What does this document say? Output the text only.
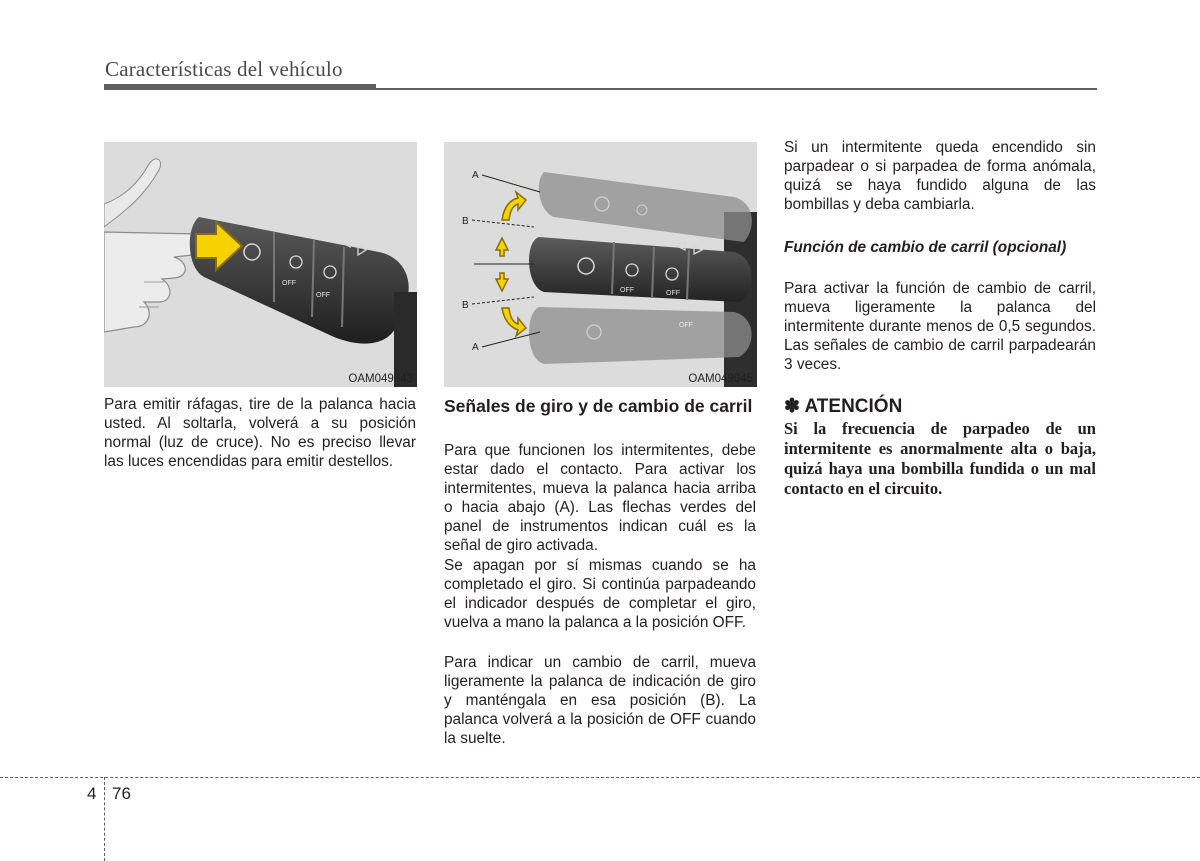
Características del vehículo
OFF
OFF
OAM049043
OFF	OFF
OFF
A
B
B
A
OAM049045

Para emitir ráfagas, tire de la palanca hacia usted. Al soltarla, volverá a su posición normal (luz de cruce). No es preciso llevar las luces encendidas para emitir destellos.

Señales de giro y de cambio de carril

Para que funcionen los intermitentes, debe estar dado el contacto. Para activar los intermitentes, mueva la palanca hacia arriba o hacia abajo (A). Las flechas verdes del panel de instrumentos indican cuál es la señal de giro activada.

Se apagan por sí mismas cuando se ha completado el giro. Si continúa parpadeando el indicador después de completar el giro, vuelva a mano la palanca a la posición OFF.

Para indicar un cambio de carril, mueva ligeramente la palanca de indicación de giro y manténgala en esa posición (B). La palanca volverá a la posición de OFF cuando la suelte.

Si un intermitente queda encendido sin parpadear o si parpadea de forma anómala, quizá se haya fundido alguna de las bombillas y deba cambiarla.

Función de cambio de carril (opcional)

Para activar la función de cambio de carril, mueva ligeramente la palanca del intermitente durante menos de 0,5 segundos. Las señales de cambio de carril parpadearán 3 veces.

✽ ATENCIÓN

Si la frecuencia de parpadeo de un intermitente es anormalmente alta o baja, quizá haya una bombilla fundida o un mal contacto en el circuito.

4 76
